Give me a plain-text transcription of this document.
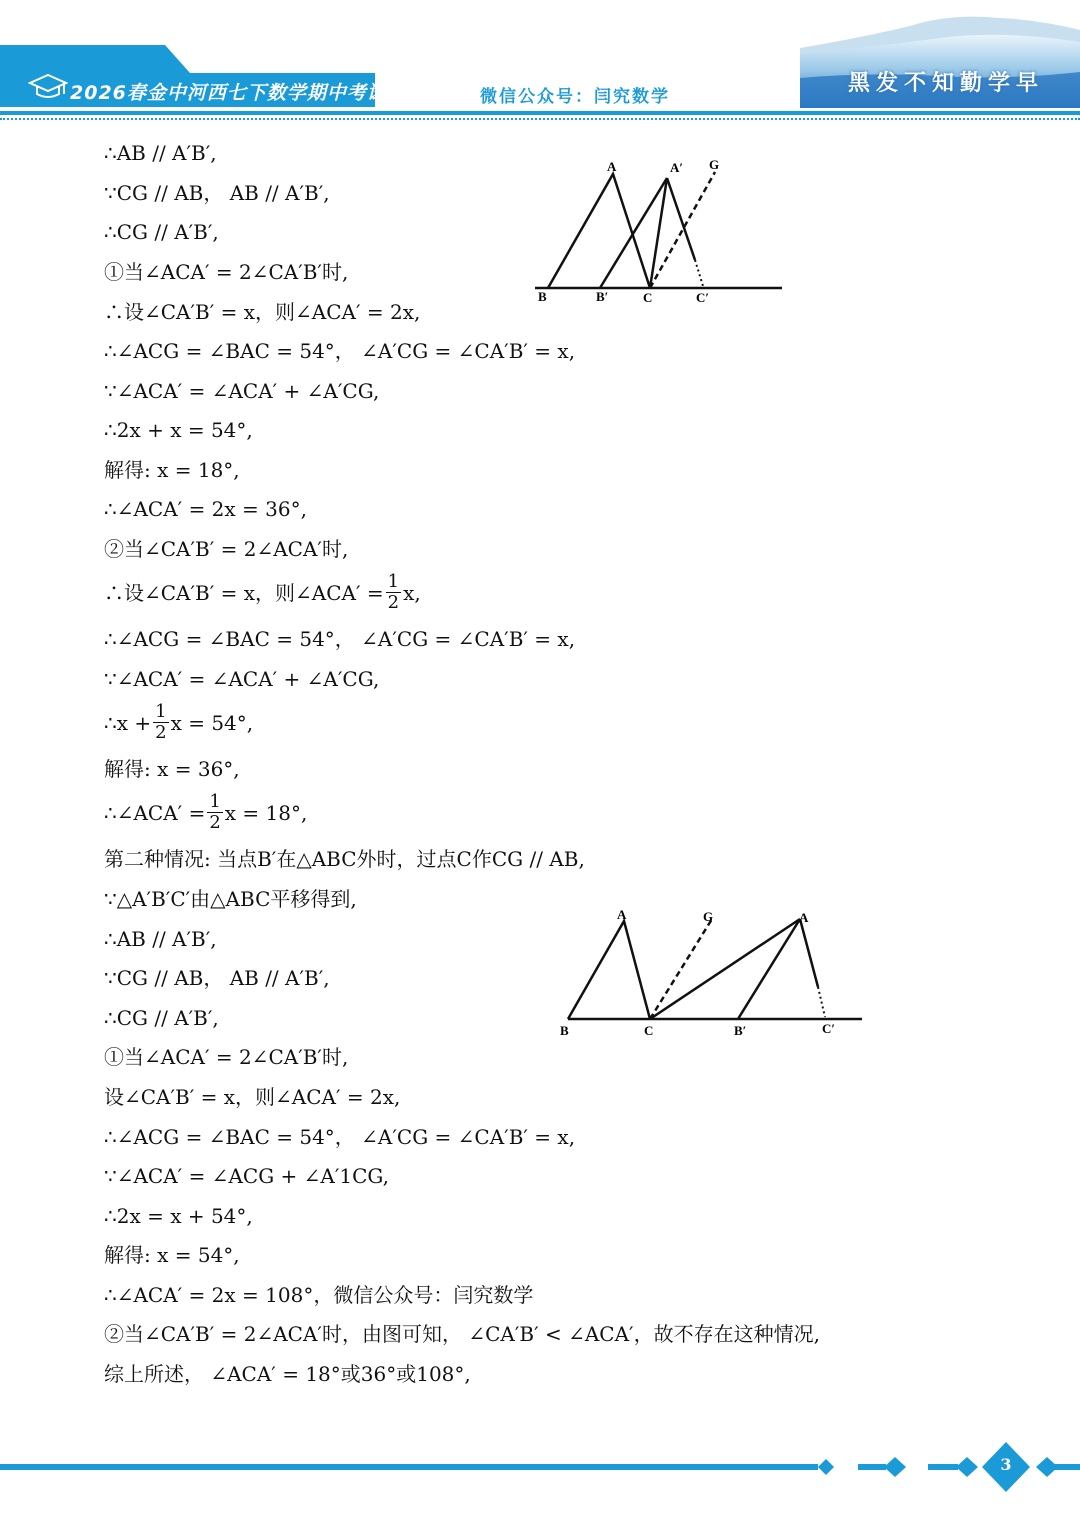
2026春金中河西七下数学期中考试	微信公众号：闫究数学
黑发不知勤学早
∴AB // A′B′,
∵CG // AB， AB // A′B′,
∴CG // A′B′,
①当∠ACA′ = 2∠CA′B′时,
∴设∠CA′B′ = x，则∠ACA′ = 2x,
∴∠ACG = ∠BAC = 54°， ∠A′CG = ∠CA′B′ = x,
∵∠ACA′ = ∠ACA′ + ∠A′CG,
∴2x + x = 54°,
解得: x = 18°,
∴∠ACA′ = 2x = 36°,
②当∠CA′B′ = 2∠ACA′时,
∴设∠CA′B′ = x，则∠ACA′ = $\frac{1}{2} x$,
∴∠ACG = ∠BAC = 54°， ∠A′CG = ∠CA′B′ = x,
∵∠ACA′ = ∠ACA′ + ∠A′CG,
∴x + $\frac{1}{2}$ x = 54°,
解得: x = 36°,
∴∠ACA′ = $\frac{1}{2}$ x = 18°,
第二种情况: 当点B′在△ABC外时，过点C作CG // AB,
∵△A′B′C′由△ABC平移得到,
∴AB // A′B′,
∵CG // AB， AB // A′B′,
∴CG // A′B′,
①当∠ACA′ = 2∠CA′B′时,
设∠CA′B′ = x，则∠ACA′ = 2x,
∴∠ACG = ∠BAC = 54°， ∠A′CG = ∠CA′B′ = x,
∵∠ACA′ = ∠ACG + ∠A′1CG,
∴2x = x + 54°,
解得: x = 54°,
∴∠ACA′ = 2x = 108°，微信公众号：闫究数学
②当∠CA′B′ = 2∠ACA′时，由图可知， ∠CA′B′ < ∠ACA′，故不存在这种情况,
综上所述， ∠ACA′ = 18°或36°或108°,
A	A′ G
B	B′	C	C′
A	G	A
B	C	B′	C′
3
